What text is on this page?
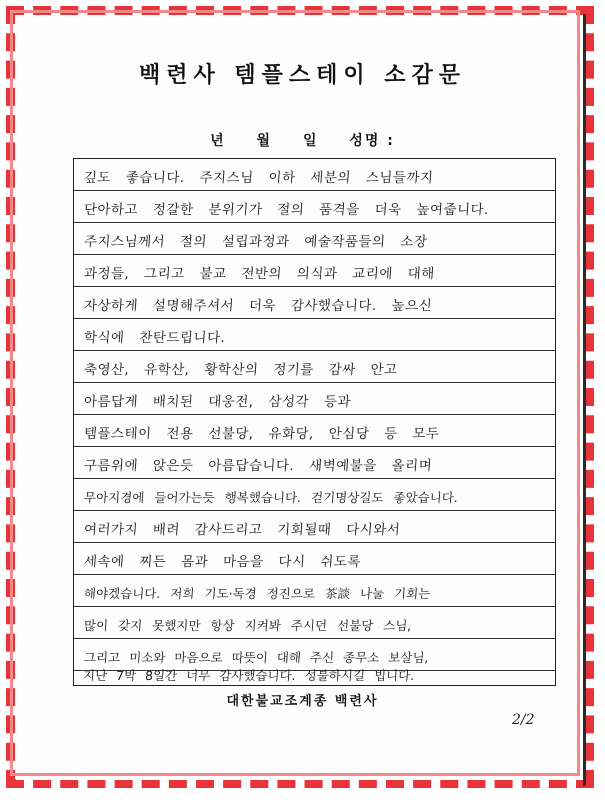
백련사 템플스테이 소감문
년 월 일 성명 :
깊도 좋습니다. 주지스님 이하 세분의 스님들까지
단아하고 정갈한 분위기가 절의 품격을 더욱 높여줍니다.
주지스님께서 절의 설립과정과 예술작품들의 소장
과정들, 그리고 불교 전반의 의식과 교리에 대해
자상하게 설명해주셔서 더욱 감사했습니다. 높으신
학식에 찬탄드립니다.
축영산, 유학산, 황학산의 정기를 감싸 안고
아름답게 배치된 대웅전, 삼성각 등과
템플스테이 전용 선불당, 유화당, 안심당 등 모두
구름위에 앉은듯 아름답습니다. 새벽예불을 올리며
무아지경에 들어가는듯 행복했습니다. 걷기명상길도 좋았습니다.
여러가지 배려 감사드리고 기회될때 다시와서
세속에 찌든 몸과 마음을 다시 쉬도록
해야겠습니다. 저희 기도·독경 정진으로 茶談 나눌 기회는
많이 갖지 못했지만 항상 지켜봐 주시던 선불당 스님,
그리고 미소와 마음으로 따뜻이 대해 주신 종무소 보살님,
지난 7박 8일간 너무 감사했습니다. 성불하시길 빕니다.
대한불교조계종 백련사
2/2
